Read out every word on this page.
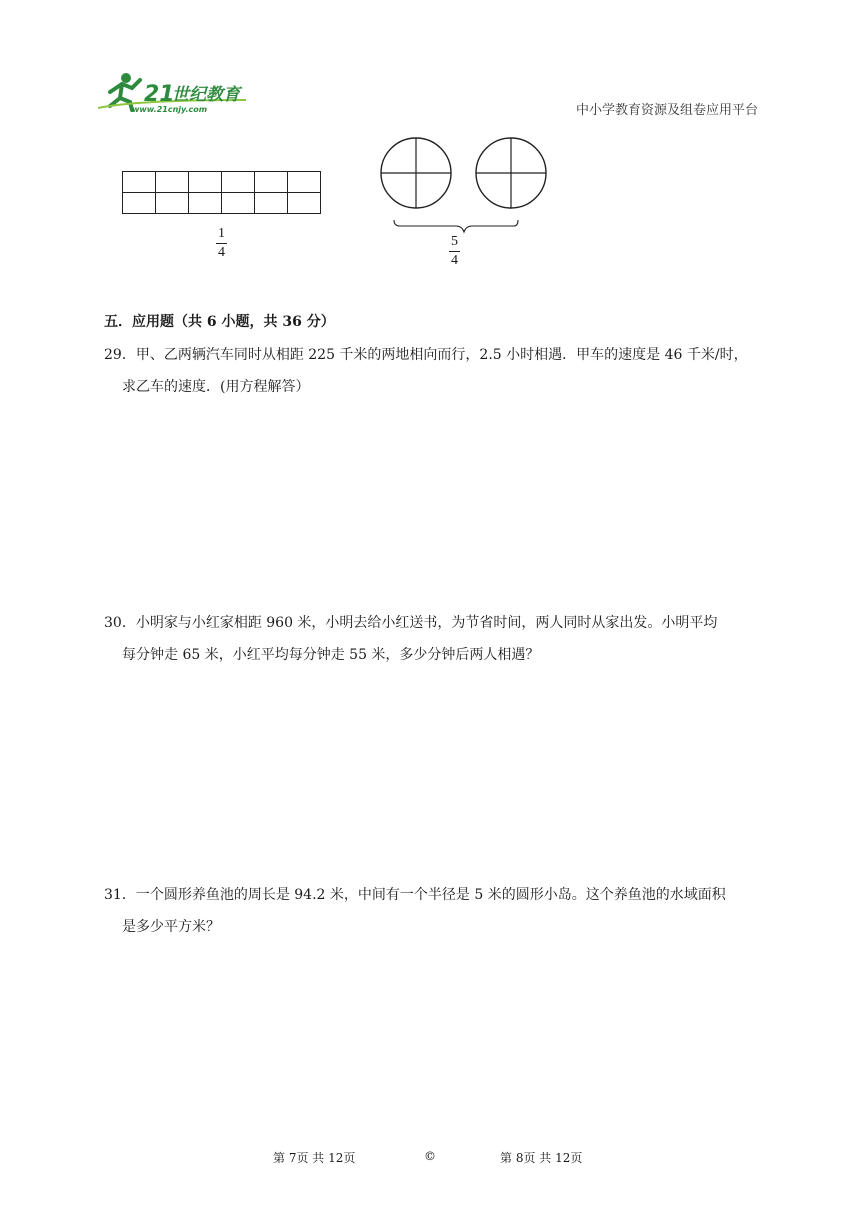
21
世纪教育
www.21cnjy.com	中小学教育资源及组卷应用平台

1
4
5
4
五．应用题（共 6 小题，共 36 分）
29．甲、乙两辆汽车同时从相距 225 千米的两地相向而行，2.5 小时相遇．甲车的速度是 46 千米/时，
求乙车的速度．(用方程解答）
30．小明家与小红家相距 960 米，小明去给小红送书，为节省时间，两人同时从家出发。小明平均
每分钟走 65 米，小红平均每分钟走 55 米，多少分钟后两人相遇？
31．一个圆形养鱼池的周长是 94.2 米，中间有一个半径是 5 米的圆形小岛。这个养鱼池的水域面积
是多少平方米？
第 7页 共 12页	©	第 8页 共 12页
